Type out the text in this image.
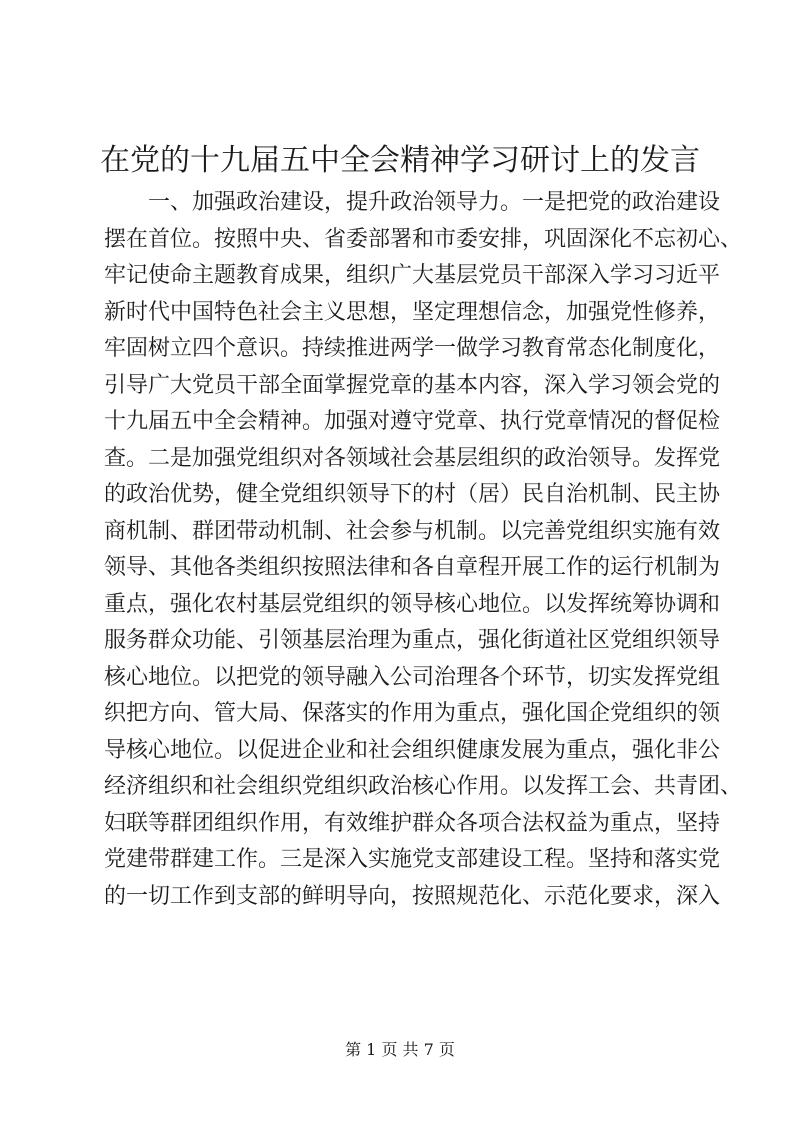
在党的十九届五中全会精神学习研讨上的发言
一、加强政治建设，提升政治领导力。一是把党的政治建设
摆在首位。按照中央、省委部署和市委安排，巩固深化不忘初心、
牢记使命主题教育成果，组织广大基层党员干部深入学习习近平
新时代中国特色社会主义思想，坚定理想信念，加强党性修养，
牢固树立四个意识。持续推进两学一做学习教育常态化制度化，
引导广大党员干部全面掌握党章的基本内容，深入学习领会党的
十九届五中全会精神。加强对遵守党章、执行党章情况的督促检
查。二是加强党组织对各领域社会基层组织的政治领导。发挥党
的政治优势，健全党组织领导下的村（居）民自治机制、民主协
商机制、群团带动机制、社会参与机制。以完善党组织实施有效
领导、其他各类组织按照法律和各自章程开展工作的运行机制为
重点，强化农村基层党组织的领导核心地位。以发挥统筹协调和
服务群众功能、引领基层治理为重点，强化街道社区党组织领导
核心地位。以把党的领导融入公司治理各个环节，切实发挥党组
织把方向、管大局、保落实的作用为重点，强化国企党组织的领
导核心地位。以促进企业和社会组织健康发展为重点，强化非公
经济组织和社会组织党组织政治核心作用。以发挥工会、共青团、
妇联等群团组织作用，有效维护群众各项合法权益为重点，坚持
党建带群建工作。三是深入实施党支部建设工程。坚持和落实党
的一切工作到支部的鲜明导向，按照规范化、示范化要求，深入
第 1 页 共 7 页
